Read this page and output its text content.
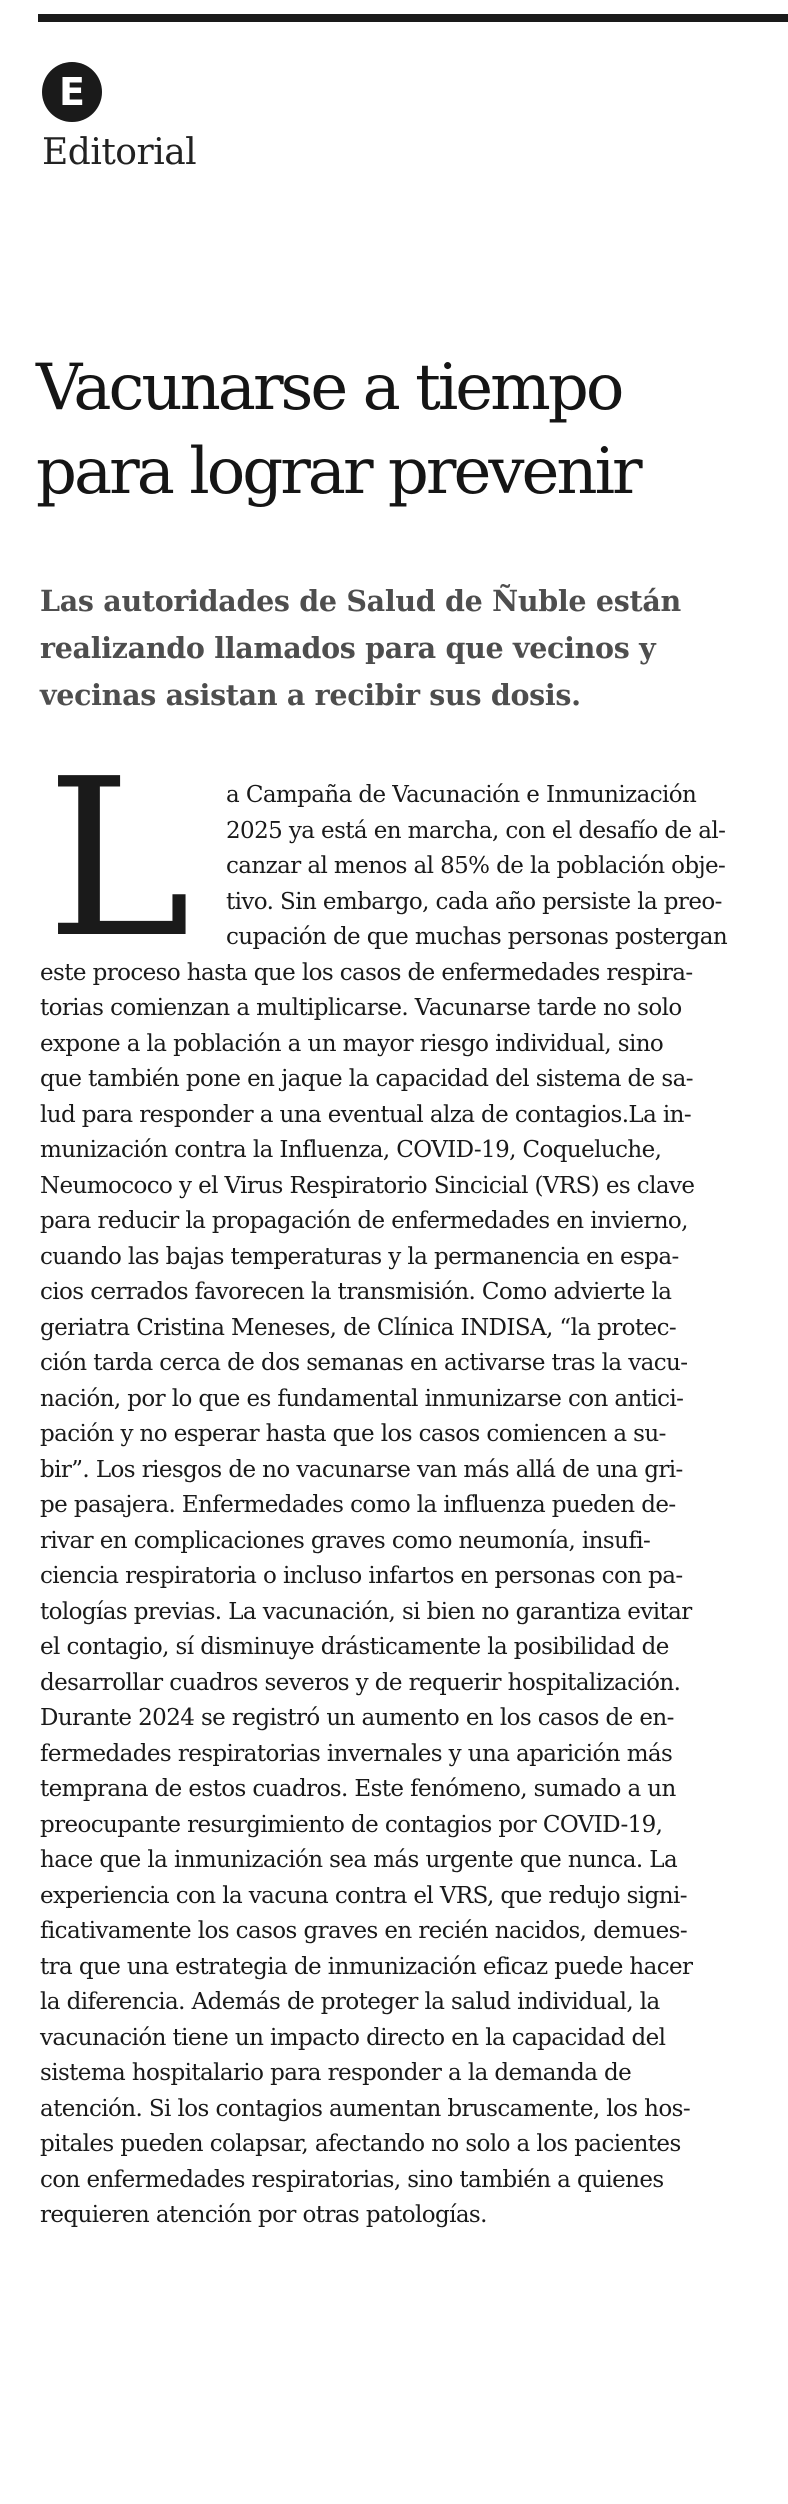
E
Editorial
Vacunarse a tiempo
para lograr prevenir
Las autoridades de Salud de Ñuble están
realizando llamados para que vecinos y
vecinas asistan a recibir sus dosis.
L	a Campaña de Vacunación e Inmunización
2025 ya está en marcha, con el desafío de al-
canzar al menos al 85% de la población obje-
tivo. Sin embargo, cada año persiste la preo-
cupación de que muchas personas postergan
este proceso hasta que los casos de enfermedades respira-
torias comienzan a multiplicarse. Vacunarse tarde no solo
expone a la población a un mayor riesgo individual, sino
que también pone en jaque la capacidad del sistema de sa-
lud para responder a una eventual alza de contagios.La in-
munización contra la Influenza, COVID-19, Coqueluche,
Neumococo y el Virus Respiratorio Sincicial (VRS) es clave
para reducir la propagación de enfermedades en invierno,
cuando las bajas temperaturas y la permanencia en espa-
cios cerrados favorecen la transmisión. Como advierte la
geriatra Cristina Meneses, de Clínica INDISA, “la protec-
ción tarda cerca de dos semanas en activarse tras la vacu-
nación, por lo que es fundamental inmunizarse con antici-
pación y no esperar hasta que los casos comiencen a su-
bir”. Los riesgos de no vacunarse van más allá de una gri-
pe pasajera. Enfermedades como la influenza pueden de-
rivar en complicaciones graves como neumonía, insufi-
ciencia respiratoria o incluso infartos en personas con pa-
tologías previas. La vacunación, si bien no garantiza evitar
el contagio, sí disminuye drásticamente la posibilidad de
desarrollar cuadros severos y de requerir hospitalización.
Durante 2024 se registró un aumento en los casos de en-
fermedades respiratorias invernales y una aparición más
temprana de estos cuadros. Este fenómeno, sumado a un
preocupante resurgimiento de contagios por COVID-19,
hace que la inmunización sea más urgente que nunca. La
experiencia con la vacuna contra el VRS, que redujo signi-
ficativamente los casos graves en recién nacidos, demues-
tra que una estrategia de inmunización eficaz puede hacer
la diferencia. Además de proteger la salud individual, la
vacunación tiene un impacto directo en la capacidad del
sistema hospitalario para responder a la demanda de
atención. Si los contagios aumentan bruscamente, los hos-
pitales pueden colapsar, afectando no solo a los pacientes
con enfermedades respiratorias, sino también a quienes
requieren atención por otras patologías.
